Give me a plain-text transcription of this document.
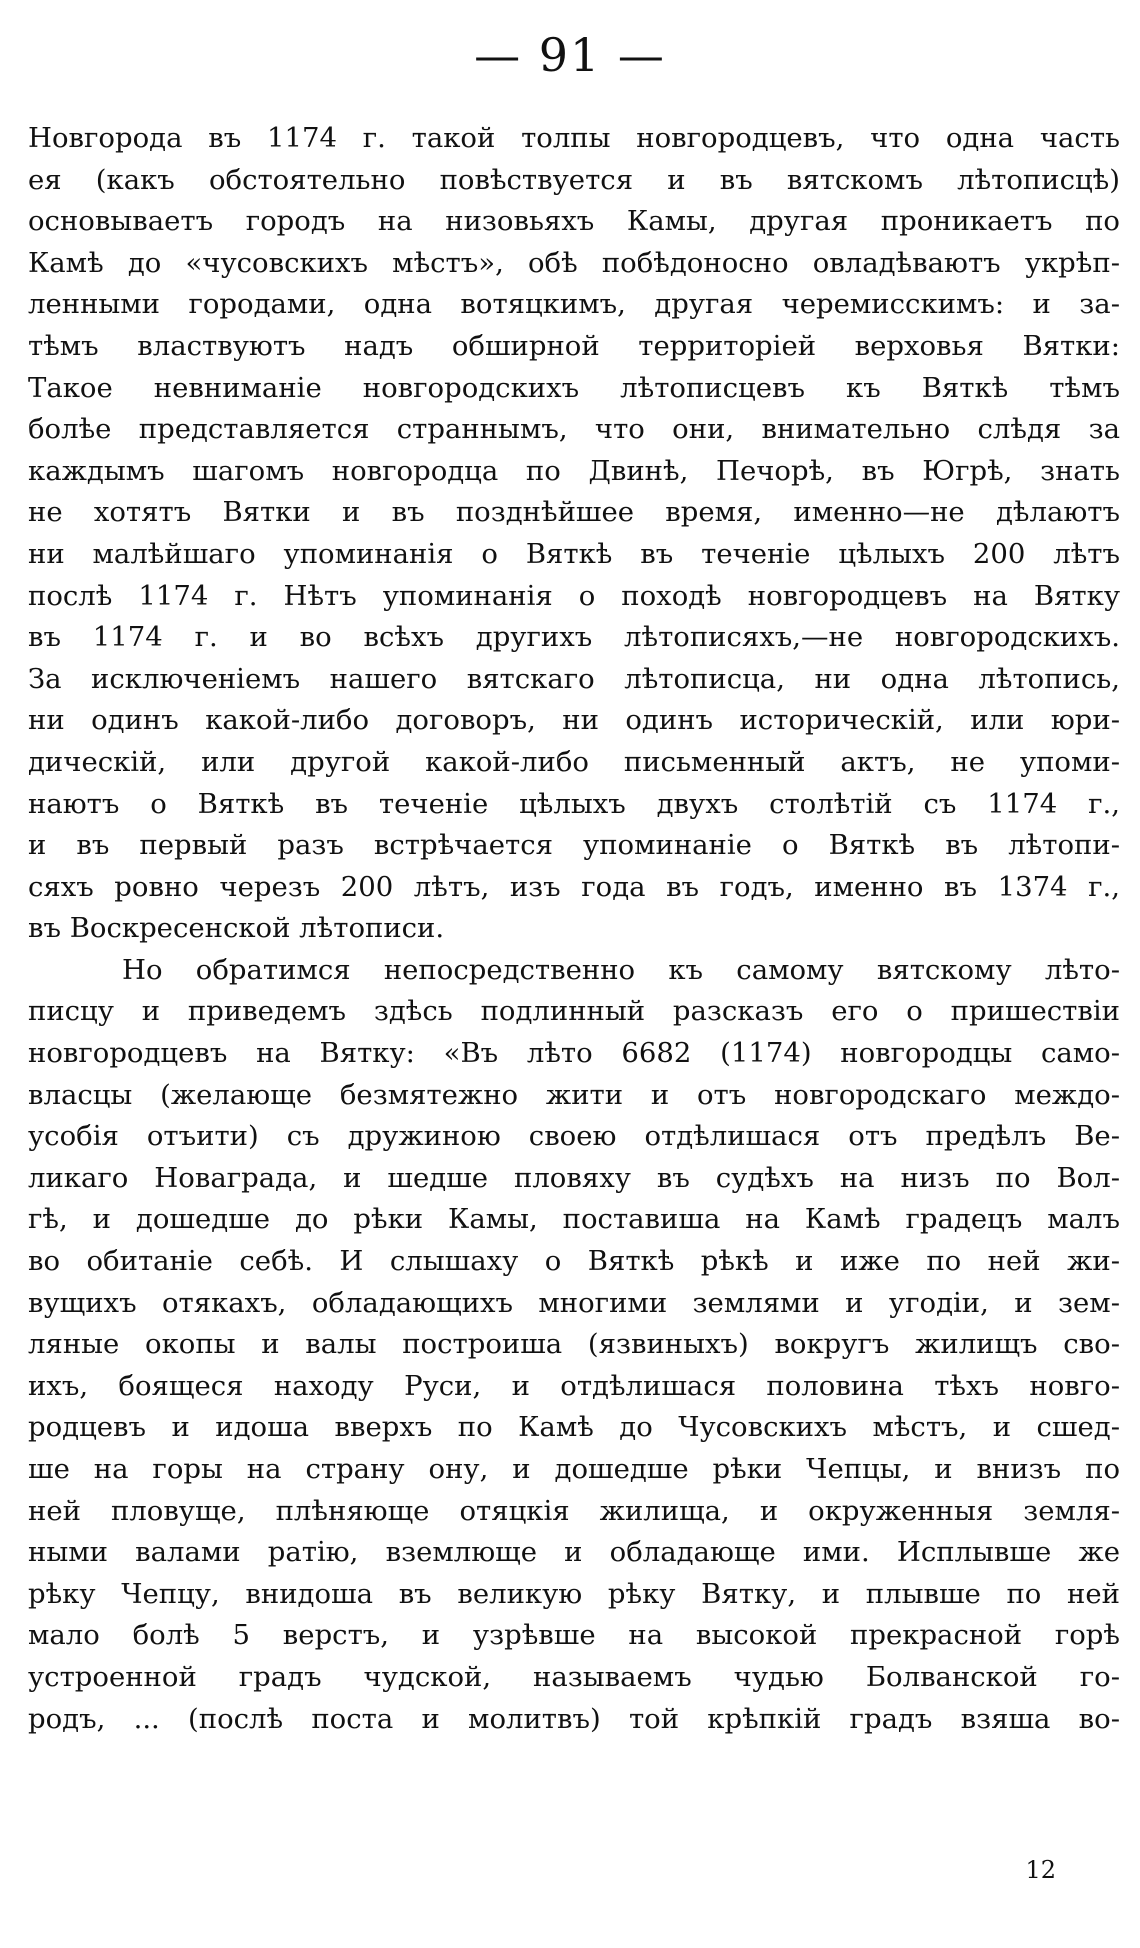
— 91 —
Новгорода въ 1174 г. такой толпы новгородцевъ, что одна часть
ея (какъ обстоятельно повѣствуется и въ вятскомъ лѣтописцѣ)
основываетъ городъ на низовьяхъ Камы, другая проникаетъ по
Камѣ до «чусовскихъ мѣстъ», обѣ побѣдоносно овладѣваютъ укрѣп-
ленными городами, одна вотяцкимъ, другая черемисскимъ: и за-
тѣмъ властвуютъ надъ обширной территоріей верховья Вятки:
Такое невниманіе новгородскихъ лѣтописцевъ къ Вяткѣ тѣмъ
болѣе представляется страннымъ, что они, внимательно слѣдя за
каждымъ шагомъ новгородца по Двинѣ, Печорѣ, въ Югрѣ, знать
не хотятъ Вятки и въ позднѣйшее время, именно—не дѣлаютъ
ни малѣйшаго упоминанія о Вяткѣ въ теченіе цѣлыхъ 200 лѣтъ
послѣ 1174 г. Нѣтъ упоминанія о походѣ новгородцевъ на Вятку
въ 1174 г. и во всѣхъ другихъ лѣтописяхъ,—не новгородскихъ.
За исключеніемъ нашего вятскаго лѣтописца, ни одна лѣтопись,
ни одинъ какой-либо договоръ, ни одинъ историческій, или юри-
дическій, или другой какой-либо письменный актъ, не упоми-
наютъ о Вяткѣ въ теченіе цѣлыхъ двухъ столѣтій съ 1174 г.,
и въ первый разъ встрѣчается упоминаніе о Вяткѣ въ лѣтопи-
сяхъ ровно черезъ 200 лѣтъ, изъ года въ годъ, именно въ 1374 г.,
въ Воскресенской лѣтописи.
Но обратимся непосредственно къ самому вятскому лѣто-
писцу и приведемъ здѣсь подлинный разсказъ его о пришествіи
новгородцевъ на Вятку: «Въ лѣто 6682 (1174) новгородцы само-
власцы (желающе безмятежно жити и отъ новгородскаго междо-
усобія отъити) съ дружиною своею отдѣлишася отъ предѣлъ Ве-
ликаго Новаграда, и шедше пловяху въ судѣхъ на низъ по Вол-
гѣ, и дошедше до рѣки Камы, поставиша на Камѣ градецъ малъ
во обитаніе себѣ. И слышаху о Вяткѣ рѣкѣ и иже по ней жи-
вущихъ отякахъ, обладающихъ многими землями и угодіи, и зем-
ляные окопы и валы построиша (язвиныхъ) вокругъ жилищъ сво-
ихъ, боящеся находу Руси, и отдѣлишася половина тѣхъ новго-
родцевъ и идоша вверхъ по Камѣ до Чусовскихъ мѣстъ, и сшед-
ше на горы на страну ону, и дошедше рѣки Чепцы, и внизъ по
ней пловуще, плѣняюще отяцкія жилища, и окруженныя земля-
ными валами ратію, вземлюще и обладающе ими. Исплывше же
рѣку Чепцу, внидоша въ великую рѣку Вятку, и плывше по ней
мало болѣ 5 верстъ, и узрѣвше на высокой прекрасной горѣ
устроенной градъ чудской, называемъ чудью Болванской го-
родъ, ... (послѣ поста и молитвъ) той крѣпкій градъ взяша во-
12
